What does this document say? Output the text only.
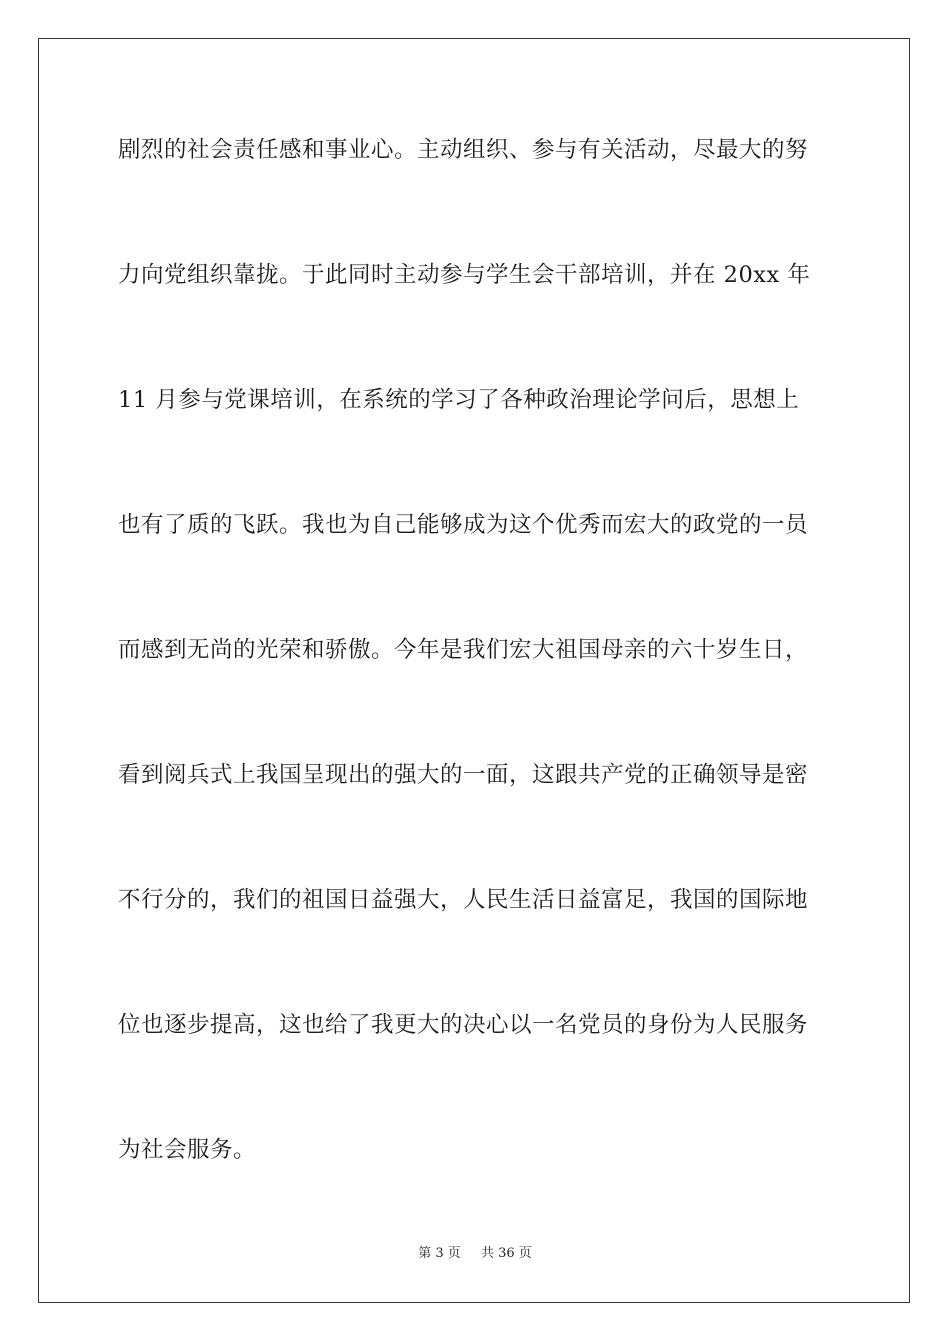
剧烈的社会责任感和事业心。主动组织、参与有关活动，尽最大的努

力向党组织靠拢。于此同时主动参与学生会干部培训，并在 20xx 年

11 月参与党课培训，在系统的学习了各种政治理论学问后，思想上

也有了质的飞跃。我也为自己能够成为这个优秀而宏大的政党的一员

而感到无尚的光荣和骄傲。今年是我们宏大祖国母亲的六十岁生日，

看到阅兵式上我国呈现出的强大的一面，这跟共产党的正确领导是密

不行分的，我们的祖国日益强大，人民生活日益富足，我国的国际地

位也逐步提高，这也给了我更大的决心以一名党员的身份为人民服务

为社会服务。

第 3 页 共 36 页
